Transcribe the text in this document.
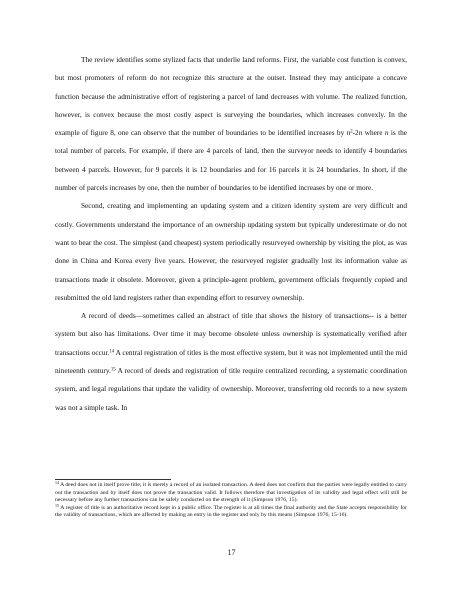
The review identifies some stylized facts that underlie land reforms. First, the variable cost function is convex, but most promoters of reform do not recognize this structure at the outset. Instead they may anticipate a concave function because the administrative effort of registering a parcel of land decreases with volume. The realized function, however, is convex because the most costly aspect is surveying the boundaries, which increases convexly. In the example of figure 8, one can observe that the number of boundaries to be identified increases by $n^2-2n$ where n is the total number of parcels. For example, if there are 4 parcels of land, then the surveyor needs to identify 4 boundaries between 4 parcels. However, for 9 parcels it is 12 boundaries and for 16 parcels it is 24 boundaries. In short, if the number of parcels increases by one, then the number of boundaries to be identified increases by one or more.

Second, creating and implementing an updating system and a citizen identity system are very difficult and costly. Governments understand the importance of an ownership updating system but typically underestimate or do not want to bear the cost. The simplest (and cheapest) system periodically resurveyed ownership by visiting the plot, as was done in China and Korea every five years. However, the resurveyed register gradually lost its information value as transactions made it obsolete. Moreover, given a principle-agent problem, government officials frequently copied and resubmitted the old land registers rather than expending effort to resurvey ownership.

A record of deeds—sometimes called an abstract of title that shows the history of transactions-- is a better system but also has limitations. Over time it may become obsolete unless ownership is systematically verified after transactions occur.$^{14}$ A central registration of titles is the most effective system, but it was not implemented until the mid nineteenth century.$^{15}$ A record of deeds and registration of title require centralized recording, a systematic coordination system, and legal regulations that update the validity of ownership. Moreover, transferring old records to a new system was not a simple task. In

$^{14}$ A deed does not in itself prove title; it is merely a record of an isolated transaction. A deed does not confirm that the parties were legally entitled to carry out the transaction and by itself does not prove the transaction valid. It follows therefore that investigation of its validity and legal effect will still be necessary before any further transactions can be safely conducted on the strength of it (Simpson 1976, 15).

$^{15}$ A register of title is an authoritative record kept in a public office. The register is at all times the final authority and the State accepts responsibility for the validity of transactions, which are affected by making an entry in the register and only by this means (Simpson 1976, 15-16).

17
